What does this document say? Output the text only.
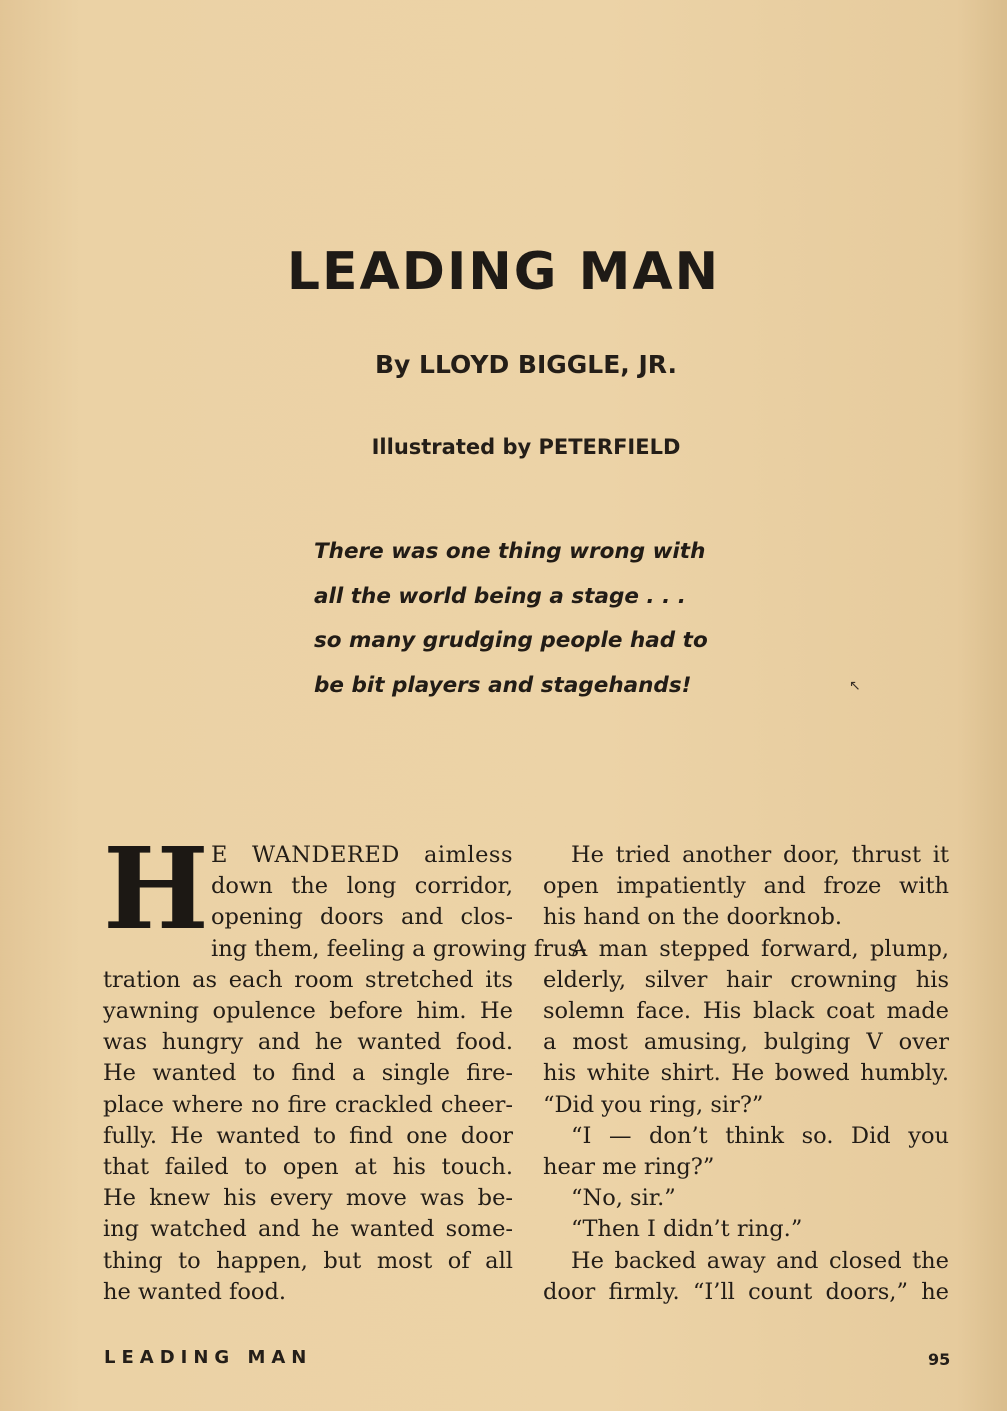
LEADING MAN
By LLOYD BIGGLE, JR.
Illustrated by PETERFIELD
There was one thing wrong with
all the world being a stage . . .
so many grudging people had to
be bit players and stagehands!	↖
H E WANDERED aimless
down the long corridor,
opening doors and clos-
ing them, feeling a growing frus-
tration as each room stretched its
yawning opulence before him. He
was hungry and he wanted food.
He wanted to find a single fire-
place where no fire crackled cheer-
fully. He wanted to find one door
that failed to open at his touch.
He knew his every move was be-
ing watched and he wanted some-
thing to happen, but most of all
he wanted food.
He tried another door, thrust it
open impatiently and froze with
his hand on the doorknob.
A man stepped forward, plump,
elderly, silver hair crowning his
solemn face. His black coat made
a most amusing, bulging V over
his white shirt. He bowed humbly.
“Did you ring, sir?”
“I — don’t think so. Did you
hear me ring?”
“No, sir.”
“Then I didn’t ring.”
He backed away and closed the
door firmly. “I’ll count doors,” he
LEADING MAN	95
